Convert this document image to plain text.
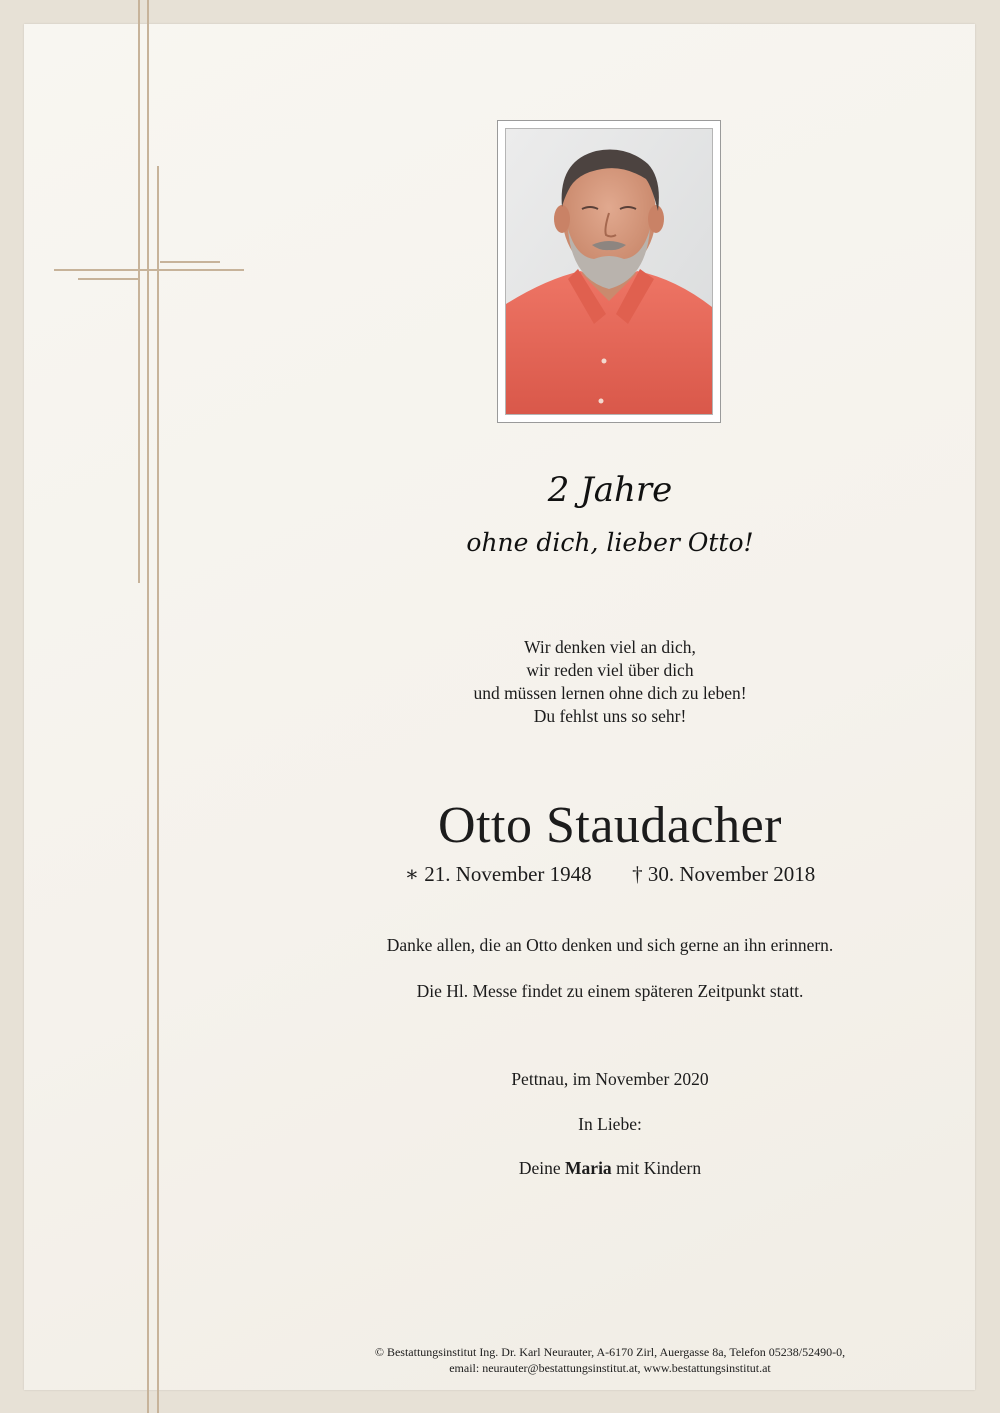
2 Jahre
ohne dich, lieber Otto!
Wir denken viel an dich,
wir reden viel über dich
und müssen lernen ohne dich zu leben!
Du fehlst uns so sehr!
Otto Staudacher
∗ 21. November 1948 † 30. November 2018
Danke allen, die an Otto denken und sich gerne an ihn erinnern.
Die Hl. Messe findet zu einem späteren Zeitpunkt statt.
Pettnau, im November 2020
In Liebe:
Deine Maria mit Kindern
© Bestattungsinstitut Ing. Dr. Karl Neurauter, A-6170 Zirl, Auergasse 8a, Telefon 05238/52490-0,
email: neurauter@bestattungsinstitut.at, www.bestattungsinstitut.at
